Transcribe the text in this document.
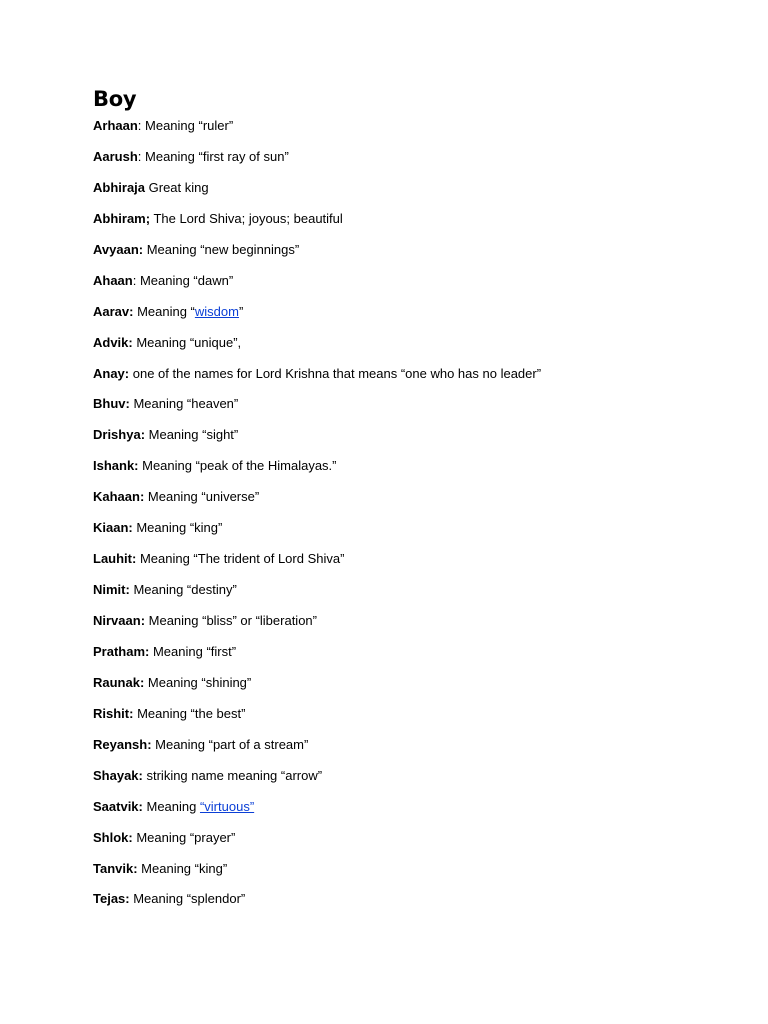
Boy

Arhaan: Meaning “ruler”

Aarush: Meaning “first ray of sun”

Abhiraja Great king

Abhiram; The Lord Shiva; joyous; beautiful

Avyaan: Meaning “new beginnings”

Ahaan: Meaning “dawn”

Aarav: Meaning “wisdom”

Advik: Meaning “unique”,

Anay: one of the names for Lord Krishna that means “one who has no leader”

Bhuv: Meaning “heaven”

Drishya: Meaning “sight”

Ishank: Meaning “peak of the Himalayas.”

Kahaan: Meaning “universe”

Kiaan: Meaning “king”

Lauhit: Meaning “The trident of Lord Shiva”

Nimit: Meaning “destiny”

Nirvaan: Meaning “bliss” or “liberation”

Pratham: Meaning “first”

Raunak: Meaning “shining”

Rishit: Meaning “the best”

Reyansh: Meaning “part of a stream”

Shayak: striking name meaning “arrow”

Saatvik: Meaning “virtuous”

Shlok: Meaning “prayer”

Tanvik: Meaning “king”

Tejas: Meaning “splendor”
